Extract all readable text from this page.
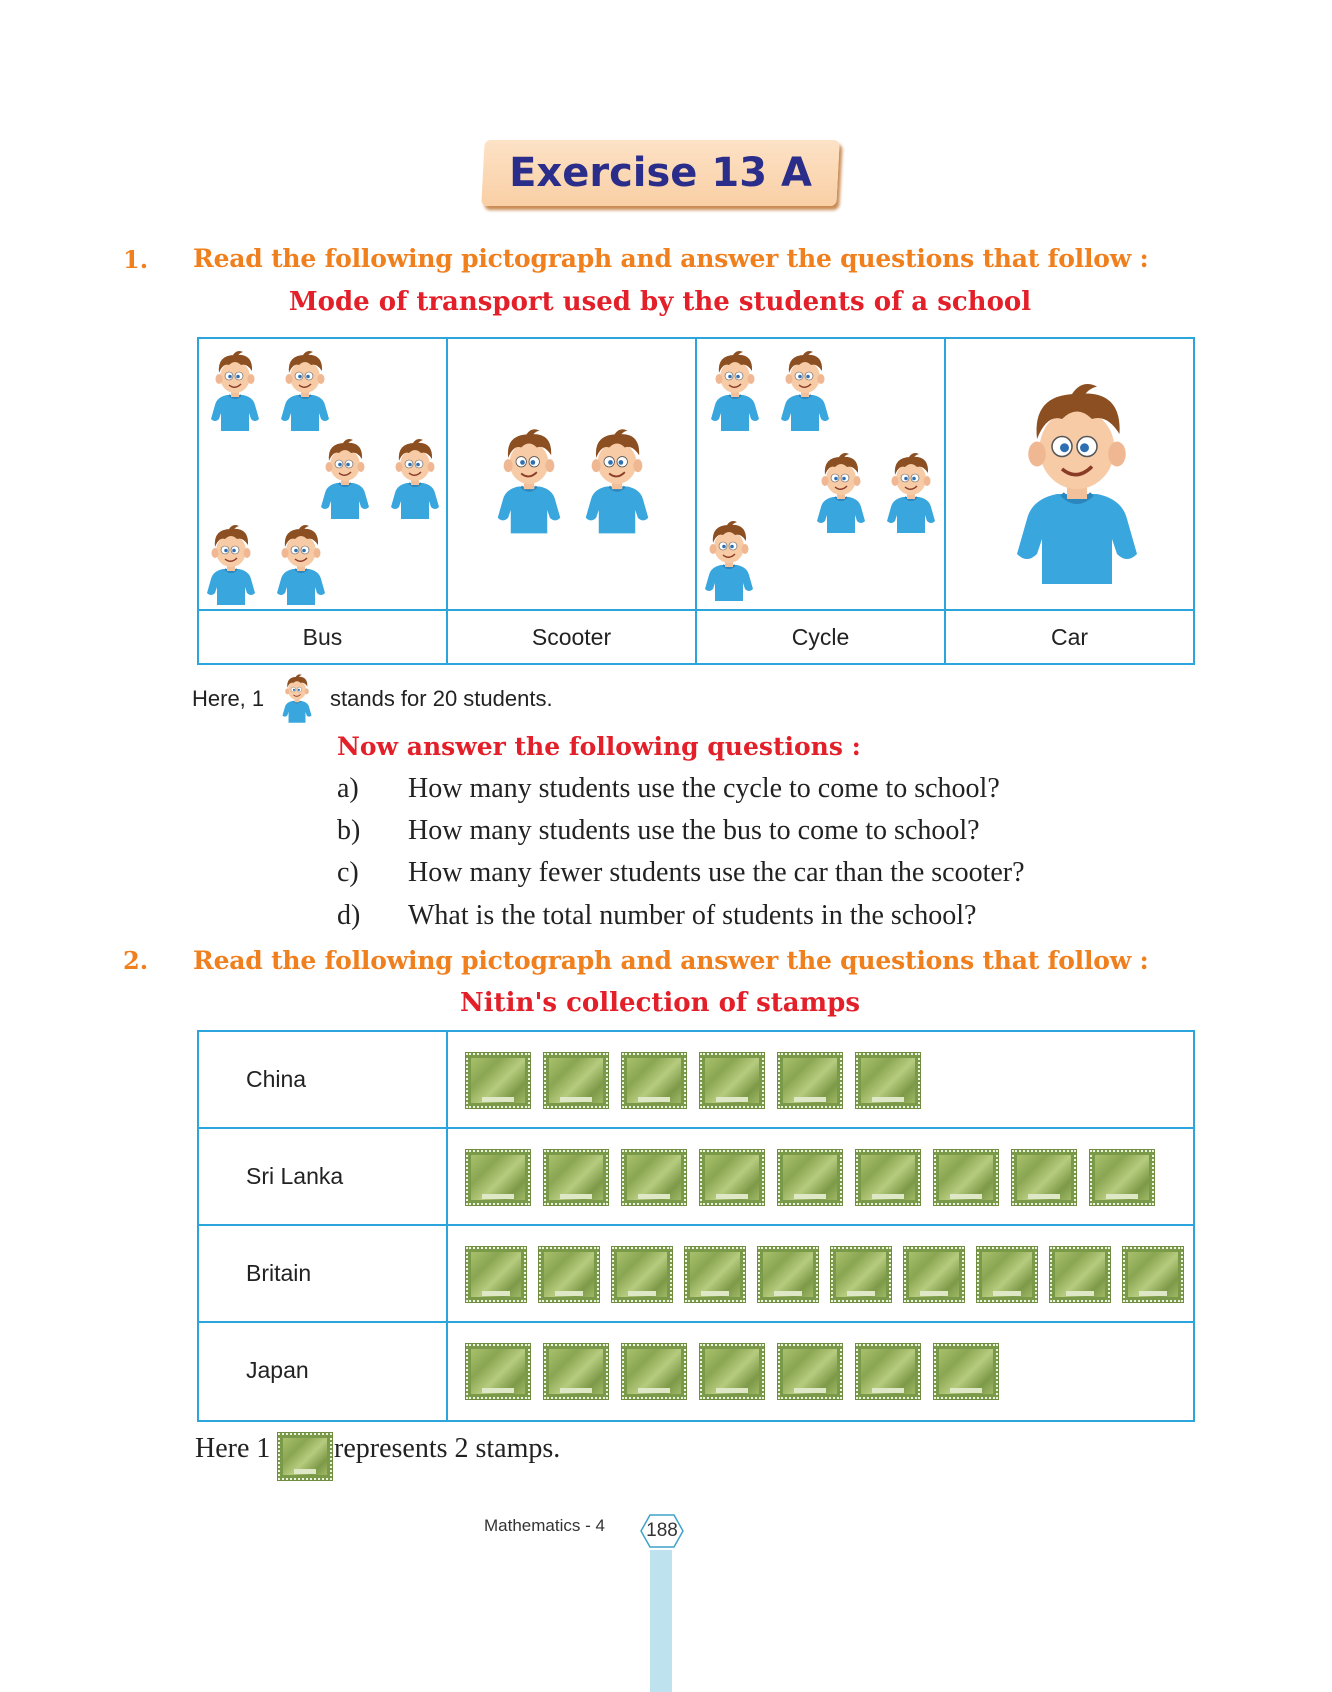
Exercise 13 A
1. Read the following pictograph and answer the questions that follow :
Mode of transport used by the students of a school
Bus	Scooter	Cycle	Car
Here, 1	stands for 20 students.
Now answer the following questions :
a) How many students use the cycle to come to school?
b) How many students use the bus to come to school?
c) How many fewer students use the car than the scooter?
d) What is the total number of students in the school?
2. Read the following pictograph and answer the questions that follow :
Nitin's collection of stamps
China
Sri Lanka
Britain
Japan
Here 1 represents 2 stamps.
Mathematics - 4	188
